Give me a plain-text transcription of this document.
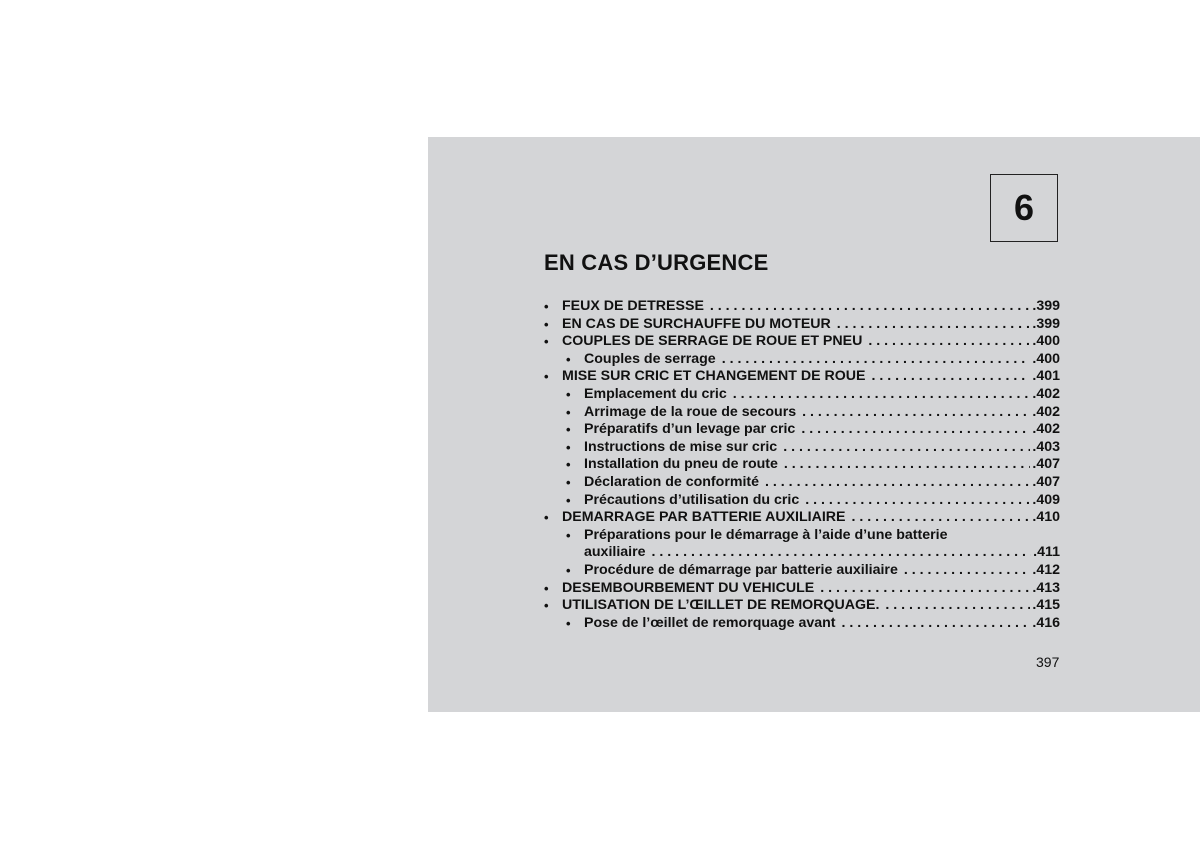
6
EN CAS D’URGENCE
• FEUX DE DETRESSE . . .	.399
• EN CAS DE SURCHAUFFE DU MOTEUR . . .	.399
• COUPLES DE SERRAGE DE ROUE ET PNEU . . .	.400
• Couples de serrage . . .	.400
• MISE SUR CRIC ET CHANGEMENT DE ROUE . . .	.401
• Emplacement du cric . . .	.402
• Arrimage de la roue de secours . . .	.402
• Préparatifs d’un levage par cric . . .	.402
• Instructions de mise sur cric . . .	.403
• Installation du pneu de route . . .	.407
• Déclaration de conformité . . .	.407
• Précautions d’utilisation du cric . . .	.409
• DEMARRAGE PAR BATTERIE AUXILIAIRE . . .	.410
• Préparations pour le démarrage à l’aide d’une batterie
auxiliaire . . .	.411
• Procédure de démarrage par batterie auxiliaire . . .	.412
• DESEMBOURBEMENT DU VEHICULE . . .	.413
• UTILISATION DE L’ŒILLET DE REMORQUAGE. . . .	.415
• Pose de l’œillet de remorquage avant . . .	.416
397
